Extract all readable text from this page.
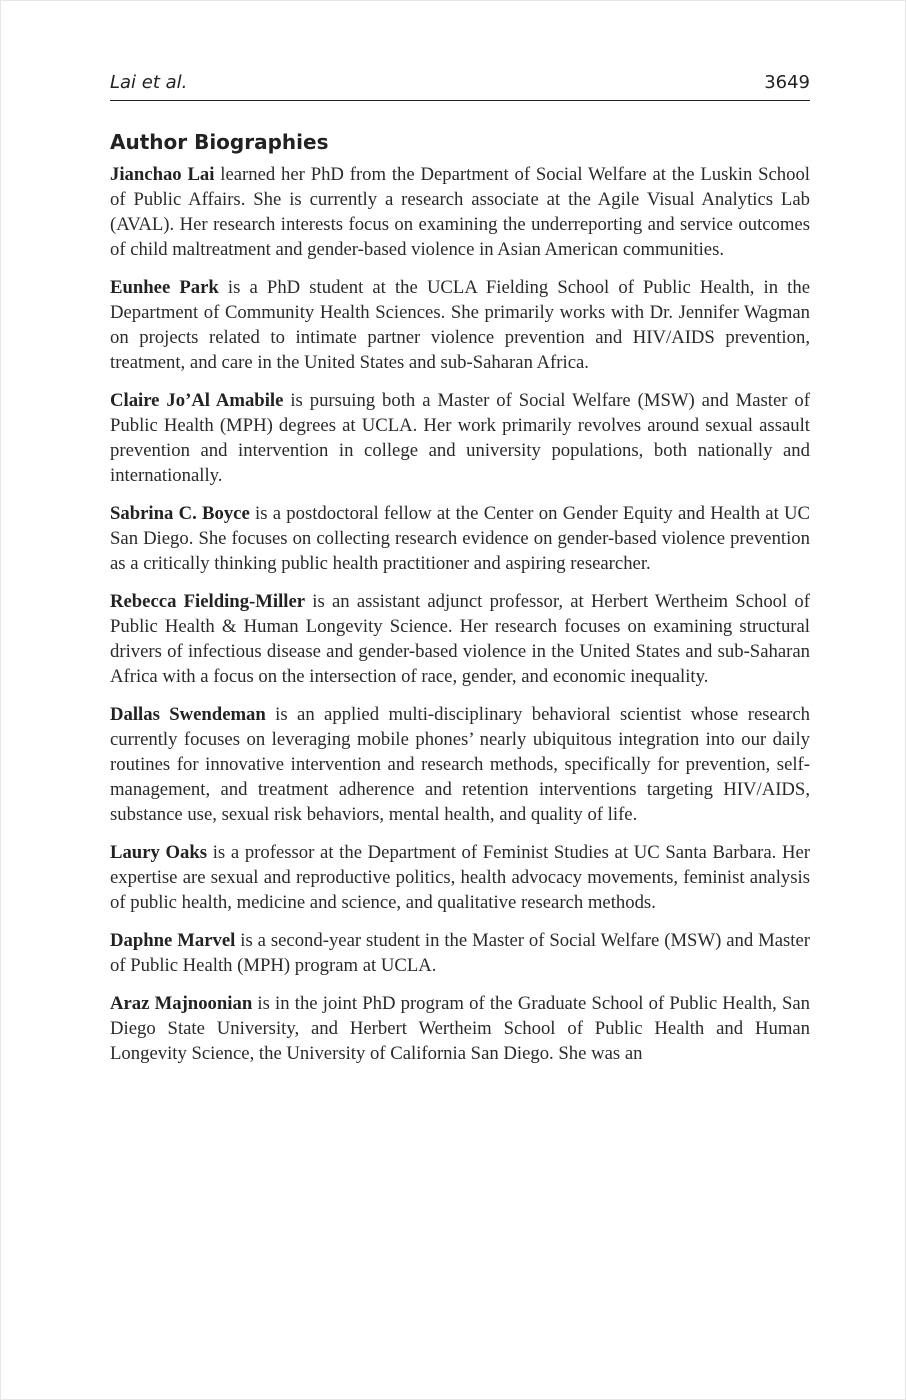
Lai et al.	3649
Author Biographies

Jianchao Lai learned her PhD from the Department of Social Welfare at the Luskin School of Public Affairs. She is currently a research associate at the Agile Visual Analytics Lab (AVAL). Her research interests focus on examining the underreporting and service outcomes of child maltreatment and gender-based violence in Asian American communities.

Eunhee Park is a PhD student at the UCLA Fielding School of Public Health, in the Department of Community Health Sciences. She primarily works with Dr. Jennifer Wagman on projects related to intimate partner violence prevention and HIV/AIDS prevention, treatment, and care in the United States and sub-Saharan Africa.

Claire Jo’Al Amabile is pursuing both a Master of Social Welfare (MSW) and Master of Public Health (MPH) degrees at UCLA. Her work primarily revolves around sexual assault prevention and intervention in college and university populations, both nationally and internationally.

Sabrina C. Boyce is a postdoctoral fellow at the Center on Gender Equity and Health at UC San Diego. She focuses on collecting research evidence on gender-based violence prevention as a critically thinking public health practitioner and aspiring researcher.

Rebecca Fielding-Miller is an assistant adjunct professor, at Herbert Wertheim School of Public Health & Human Longevity Science. Her research focuses on examining structural drivers of infectious disease and gender-based violence in the United States and sub-Saharan Africa with a focus on the intersection of race, gender, and economic inequality.

Dallas Swendeman is an applied multi-disciplinary behavioral scientist whose research currently focuses on leveraging mobile phones’ nearly ubiquitous integration into our daily routines for innovative intervention and research methods, specifically for prevention, self-management, and treatment adherence and retention interventions targeting HIV/AIDS, substance use, sexual risk behaviors, mental health, and quality of life.

Laury Oaks is a professor at the Department of Feminist Studies at UC Santa Barbara. Her expertise are sexual and reproductive politics, health advocacy movements, feminist analysis of public health, medicine and science, and qualitative research methods.

Daphne Marvel is a second-year student in the Master of Social Welfare (MSW) and Master of Public Health (MPH) program at UCLA.

Araz Majnoonian is in the joint PhD program of the Graduate School of Public Health, San Diego State University, and Herbert Wertheim School of Public Health and Human Longevity Science, the University of California San Diego. She was an
